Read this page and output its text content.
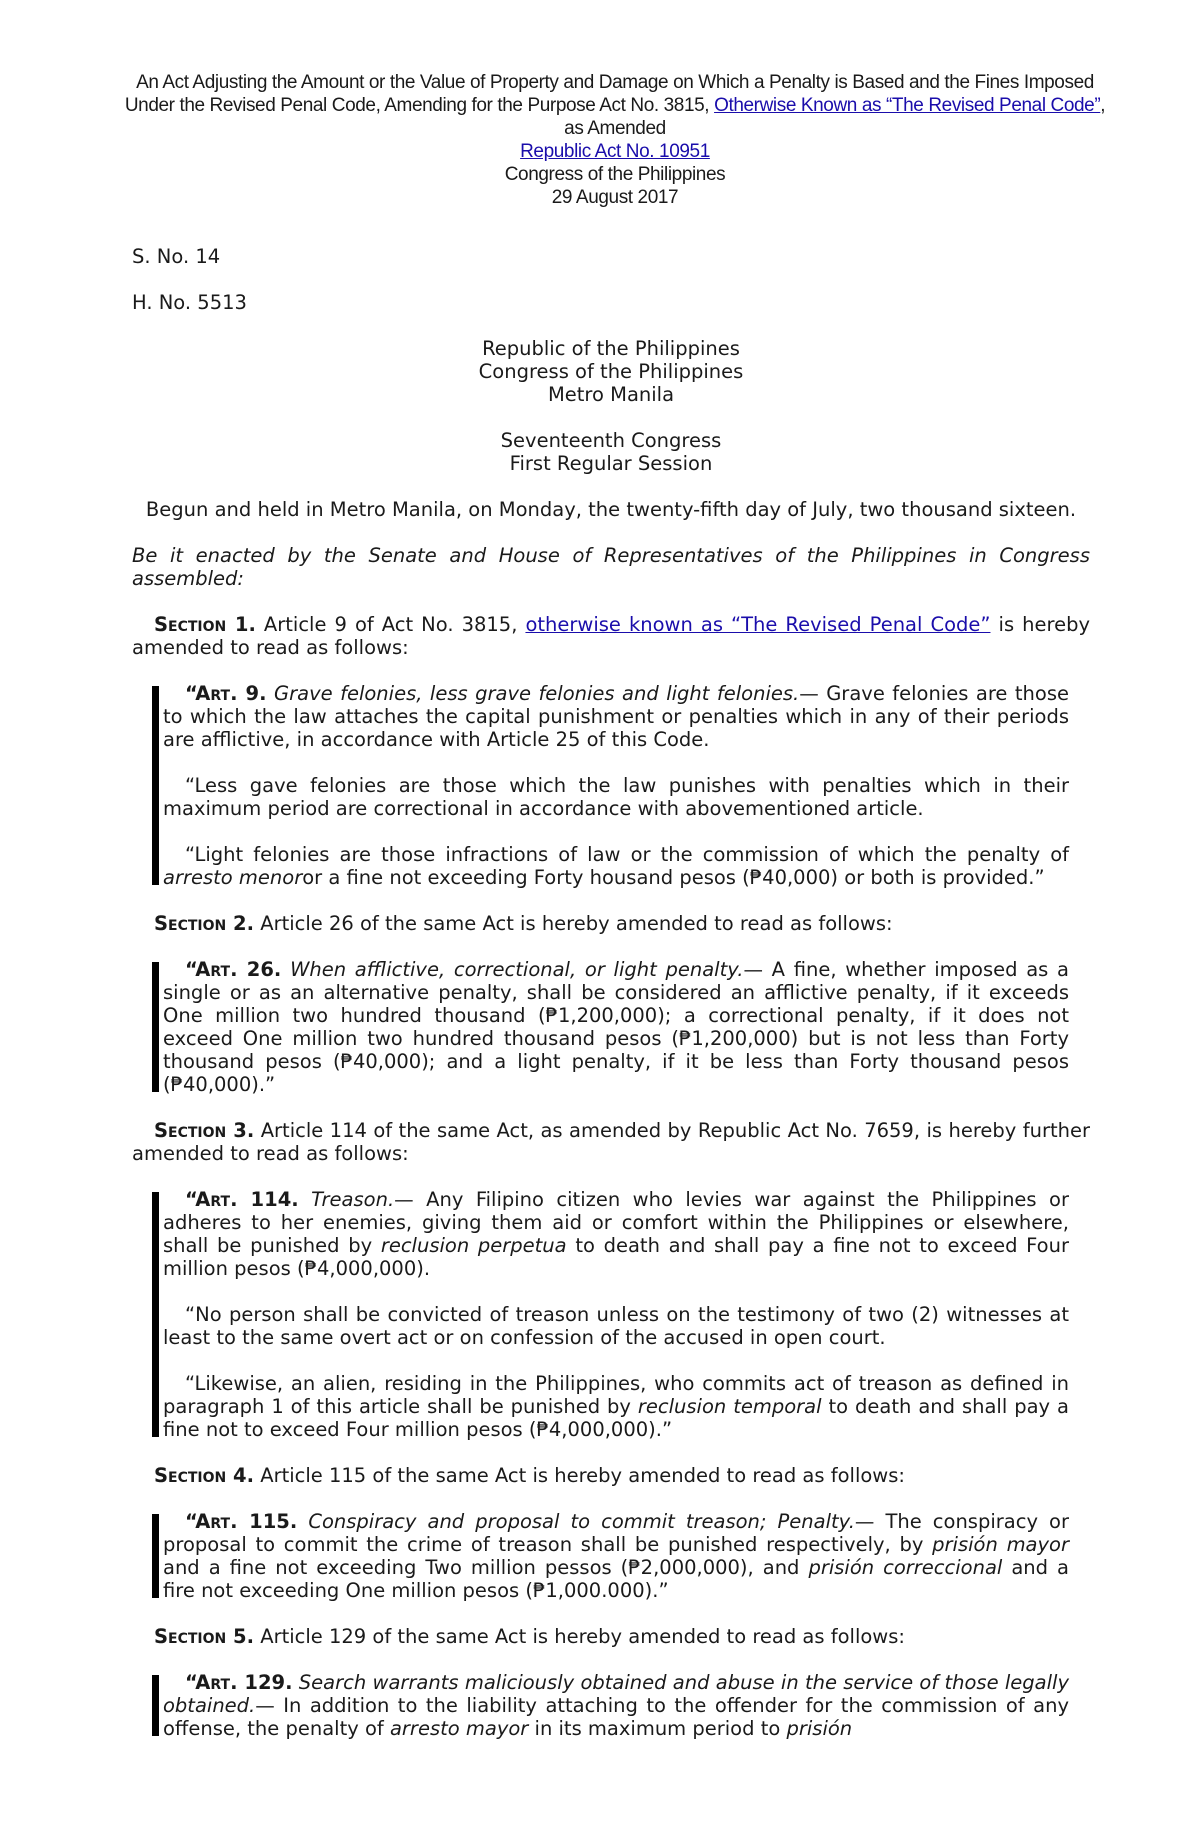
An Act Adjusting the Amount or the Value of Property and Damage on Which a Penalty is Based and the Fines Imposed Under the Revised Penal Code, Amending for the Purpose Act No. 3815, Otherwise Known as “The Revised Penal Code”, as Amended
Republic Act No. 10951
Congress of the Philippines
29 August 2017

S. No. 14

H. No. 5513

Republic of the Philippines
Congress of the Philippines
Metro Manila

Seventeenth Congress
First Regular Session

Begun and held in Metro Manila, on Monday, the twenty-fifth day of July, two thousand sixteen.

Be it enacted by the Senate and House of Representatives of the Philippines in Congress assembled:

Section 1. Article 9 of Act No. 3815, otherwise known as “The Revised Penal Code” is hereby amended to read as follows:

“Art. 9. Grave felonies, less grave felonies and light felonies.— Grave felonies are those to which the law attaches the capital punishment or penalties which in any of their periods are afflictive, in accordance with Article 25 of this Code.

“Less gave felonies are those which the law punishes with penalties which in their maximum period are correctional in accordance with abovementioned article.

“Light felonies are those infractions of law or the commission of which the penalty of arresto menoror a fine not exceeding Forty housand pesos (₱40,000) or both is provided.”

Section 2. Article 26 of the same Act is hereby amended to read as follows:

“Art. 26. When afflictive, correctional, or light penalty.— A fine, whether imposed as a single or as an alternative penalty, shall be considered an afflictive penalty, if it exceeds One million two hundred thousand (₱1,200,000); a correctional penalty, if it does not exceed One million two hundred thousand pesos (₱1,200,000) but is not less than Forty thousand pesos (₱40,000); and a light penalty, if it be less than Forty thousand pesos (₱40,000).”

Section 3. Article 114 of the same Act, as amended by Republic Act No. 7659, is hereby further amended to read as follows:

“Art. 114. Treason.— Any Filipino citizen who levies war against the Philippines or adheres to her enemies, giving them aid or comfort within the Philippines or elsewhere, shall be punished by reclusion perpetua to death and shall pay a fine not to exceed Four million pesos (₱4,000,000).

“No person shall be convicted of treason unless on the testimony of two (2) witnesses at least to the same overt act or on confession of the accused in open court.

“Likewise, an alien, residing in the Philippines, who commits act of treason as defined in paragraph 1 of this article shall be punished by reclusion temporal to death and shall pay a fine not to exceed Four million pesos (₱4,000,000).”

Section 4. Article 115 of the same Act is hereby amended to read as follows:

“Art. 115. Conspiracy and proposal to commit treason; Penalty.— The conspiracy or proposal to commit the crime of treason shall be punished respectively, by prisión mayor and a fine not exceeding Two million pessos (₱2,000,000), and prisión correccional and a fire not exceeding One million pesos (₱1,000.000).”

Section 5. Article 129 of the same Act is hereby amended to read as follows:

“Art. 129. Search warrants maliciously obtained and abuse in the service of those legally obtained.— In addition to the liability attaching to the offender for the commission of any offense, the penalty of arresto mayor in its maximum period to prisión
